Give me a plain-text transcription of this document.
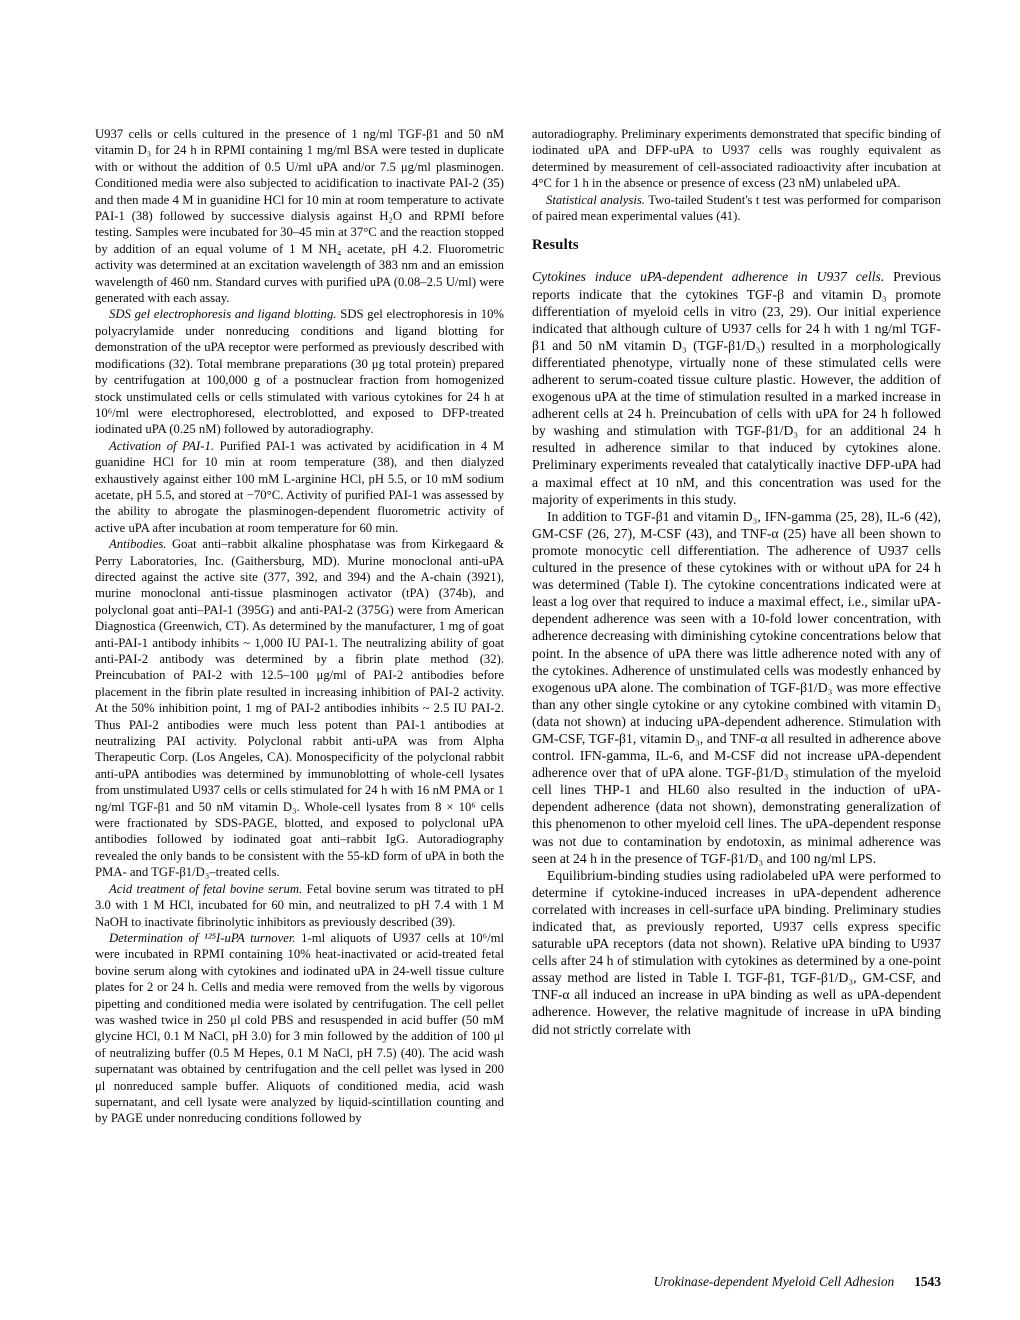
U937 cells or cells cultured in the presence of 1 ng/ml TGF-β1 and 50 nM vitamin D₃ for 24 h in RPMI containing 1 mg/ml BSA were tested in duplicate with or without the addition of 0.5 U/ml uPA and/or 7.5 μg/ml plasminogen. Conditioned media were also subjected to acidification to inactivate PAI-2 (35) and then made 4 M in guanidine HCl for 10 min at room temperature to activate PAI-1 (38) followed by successive dialysis against H₂O and RPMI before testing. Samples were incubated for 30–45 min at 37°C and the reaction stopped by addition of an equal volume of 1 M NH₄ acetate, pH 4.2. Fluorometric activity was determined at an excitation wavelength of 383 nm and an emission wavelength of 460 nm. Standard curves with purified uPA (0.08–2.5 U/ml) were generated with each assay.

SDS gel electrophoresis and ligand blotting. SDS gel electrophoresis in 10% polyacrylamide under nonreducing conditions and ligand blotting for demonstration of the uPA receptor were performed as previously described with modifications (32). Total membrane preparations (30 μg total protein) prepared by centrifugation at 100,000 g of a postnuclear fraction from homogenized stock unstimulated cells or cells stimulated with various cytokines for 24 h at 10⁶/ml were electrophoresed, electroblotted, and exposed to DFP-treated iodinated uPA (0.25 nM) followed by autoradiography.

Activation of PAI-1. Purified PAI-1 was activated by acidification in 4 M guanidine HCl for 10 min at room temperature (38), and then dialyzed exhaustively against either 100 mM L-arginine HCl, pH 5.5, or 10 mM sodium acetate, pH 5.5, and stored at −70°C. Activity of purified PAI-1 was assessed by the ability to abrogate the plasminogen-dependent fluorometric activity of active uPA after incubation at room temperature for 60 min.

Antibodies. Goat anti–rabbit alkaline phosphatase was from Kirkegaard & Perry Laboratories, Inc. (Gaithersburg, MD). Murine monoclonal anti-uPA directed against the active site (377, 392, and 394) and the A-chain (3921), murine monoclonal anti-tissue plasminogen activator (tPA) (374b), and polyclonal goat anti–PAI-1 (395G) and anti-PAI-2 (375G) were from American Diagnostica (Greenwich, CT). As determined by the manufacturer, 1 mg of goat anti-PAI-1 antibody inhibits ~ 1,000 IU PAI-1. The neutralizing ability of goat anti-PAI-2 antibody was determined by a fibrin plate method (32). Preincubation of PAI-2 with 12.5–100 μg/ml of PAI-2 antibodies before placement in the fibrin plate resulted in increasing inhibition of PAI-2 activity. At the 50% inhibition point, 1 mg of PAI-2 antibodies inhibits ~ 2.5 IU PAI-2. Thus PAI-2 antibodies were much less potent than PAI-1 antibodies at neutralizing PAI activity. Polyclonal rabbit anti-uPA was from Alpha Therapeutic Corp. (Los Angeles, CA). Monospecificity of the polyclonal rabbit anti-uPA antibodies was determined by immunoblotting of whole-cell lysates from unstimulated U937 cells or cells stimulated for 24 h with 16 nM PMA or 1 ng/ml TGF-β1 and 50 nM vitamin D₃. Whole-cell lysates from 8 × 10⁶ cells were fractionated by SDS-PAGE, blotted, and exposed to polyclonal uPA antibodies followed by iodinated goat anti–rabbit IgG. Autoradiography revealed the only bands to be consistent with the 55-kD form of uPA in both the PMA- and TGF-β1/D₃–treated cells.

Acid treatment of fetal bovine serum. Fetal bovine serum was titrated to pH 3.0 with 1 M HCl, incubated for 60 min, and neutralized to pH 7.4 with 1 M NaOH to inactivate fibrinolytic inhibitors as previously described (39).

Determination of ¹²⁵I-uPA turnover. 1-ml aliquots of U937 cells at 10⁶/ml were incubated in RPMI containing 10% heat-inactivated or acid-treated fetal bovine serum along with cytokines and iodinated uPA in 24-well tissue culture plates for 2 or 24 h. Cells and media were removed from the wells by vigorous pipetting and conditioned media were isolated by centrifugation. The cell pellet was washed twice in 250 μl cold PBS and resuspended in acid buffer (50 mM glycine HCl, 0.1 M NaCl, pH 3.0) for 3 min followed by the addition of 100 μl of neutralizing buffer (0.5 M Hepes, 0.1 M NaCl, pH 7.5) (40). The acid wash supernatant was obtained by centrifugation and the cell pellet was lysed in 200 μl nonreduced sample buffer. Aliquots of conditioned media, acid wash supernatant, and cell lysate were analyzed by liquid-scintillation counting and by PAGE under nonreducing conditions followed by

autoradiography. Preliminary experiments demonstrated that specific binding of iodinated uPA and DFP-uPA to U937 cells was roughly equivalent as determined by measurement of cell-associated radioactivity after incubation at 4°C for 1 h in the absence or presence of excess (23 nM) unlabeled uPA.

Statistical analysis. Two-tailed Student's t test was performed for comparison of paired mean experimental values (41).

Results

Cytokines induce uPA-dependent adherence in U937 cells. Previous reports indicate that the cytokines TGF-β and vitamin D₃ promote differentiation of myeloid cells in vitro (23, 29). Our initial experience indicated that although culture of U937 cells for 24 h with 1 ng/ml TGF-β1 and 50 nM vitamin D₃ (TGF-β1/D₃) resulted in a morphologically differentiated phenotype, virtually none of these stimulated cells were adherent to serum-coated tissue culture plastic. However, the addition of exogenous uPA at the time of stimulation resulted in a marked increase in adherent cells at 24 h. Preincubation of cells with uPA for 24 h followed by washing and stimulation with TGF-β1/D₃ for an additional 24 h resulted in adherence similar to that induced by cytokines alone. Preliminary experiments revealed that catalytically inactive DFP-uPA had a maximal effect at 10 nM, and this concentration was used for the majority of experiments in this study.

In addition to TGF-β1 and vitamin D₃, IFN-gamma (25, 28), IL-6 (42), GM-CSF (26, 27), M-CSF (43), and TNF-α (25) have all been shown to promote monocytic cell differentiation. The adherence of U937 cells cultured in the presence of these cytokines with or without uPA for 24 h was determined (Table I). The cytokine concentrations indicated were at least a log over that required to induce a maximal effect, i.e., similar uPA-dependent adherence was seen with a 10-fold lower concentration, with adherence decreasing with diminishing cytokine concentrations below that point. In the absence of uPA there was little adherence noted with any of the cytokines. Adherence of unstimulated cells was modestly enhanced by exogenous uPA alone. The combination of TGF-β1/D₃ was more effective than any other single cytokine or any cytokine combined with vitamin D₃ (data not shown) at inducing uPA-dependent adherence. Stimulation with GM-CSF, TGF-β1, vitamin D₃, and TNF-α all resulted in adherence above control. IFN-gamma, IL-6, and M-CSF did not increase uPA-dependent adherence over that of uPA alone. TGF-β1/D₃ stimulation of the myeloid cell lines THP-1 and HL60 also resulted in the induction of uPA-dependent adherence (data not shown), demonstrating generalization of this phenomenon to other myeloid cell lines. The uPA-dependent response was not due to contamination by endotoxin, as minimal adherence was seen at 24 h in the presence of TGF-β1/D₃ and 100 ng/ml LPS.

Equilibrium-binding studies using radiolabeled uPA were performed to determine if cytokine-induced increases in uPA-dependent adherence correlated with increases in cell-surface uPA binding. Preliminary studies indicated that, as previously reported, U937 cells express specific saturable uPA receptors (data not shown). Relative uPA binding to U937 cells after 24 h of stimulation with cytokines as determined by a one-point assay method are listed in Table I. TGF-β1, TGF-β1/D₃, GM-CSF, and TNF-α all induced an increase in uPA binding as well as uPA-dependent adherence. However, the relative magnitude of increase in uPA binding did not strictly correlate with

Urokinase-dependent Myeloid Cell Adhesion 1543
